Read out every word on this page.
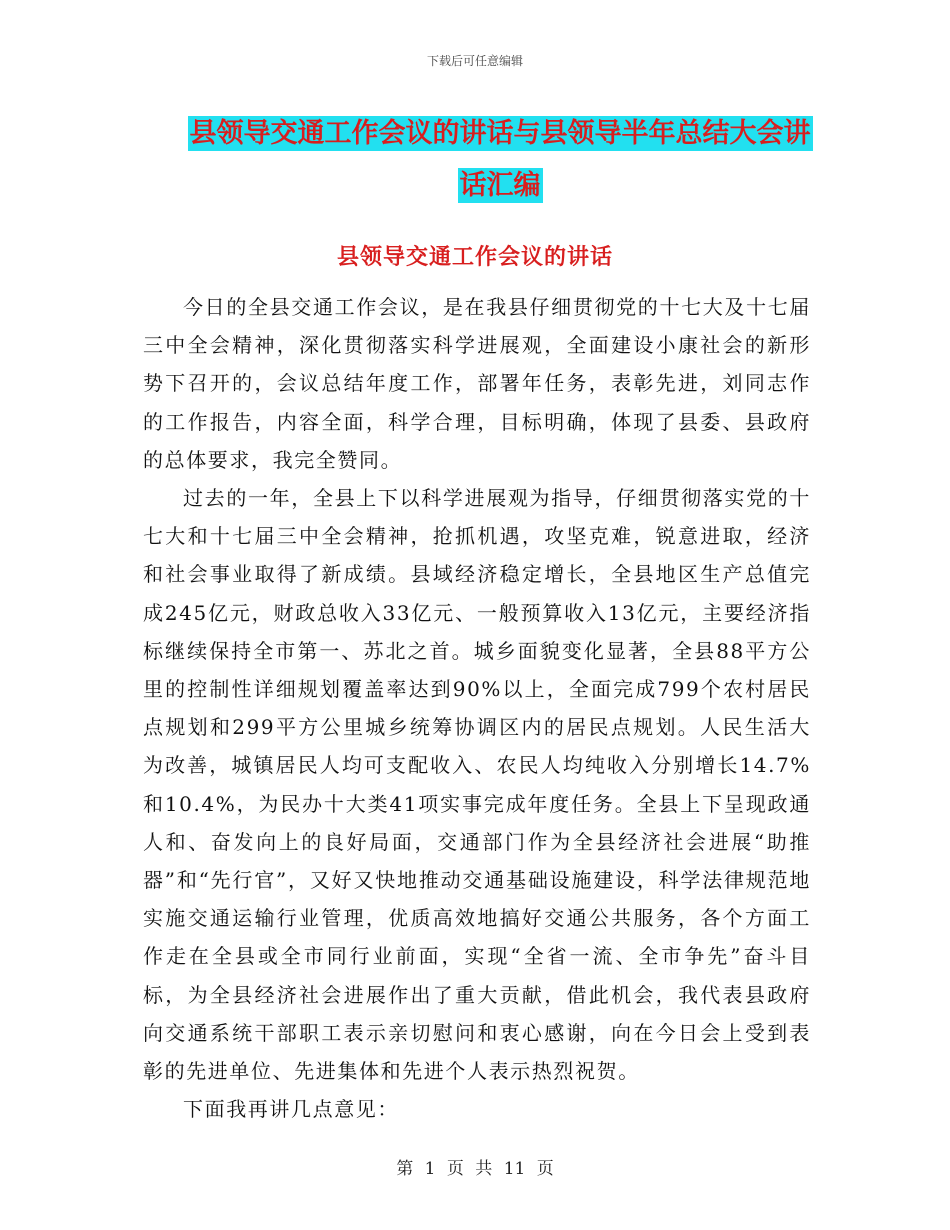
下载后可任意编辑
县领导交通工作会议的讲话与县领导半年总结大会讲
话汇编
县领导交通工作会议的讲话

今日的全县交通工作会议，是在我县仔细贯彻党的十七大及十七届三中全会精神，深化贯彻落实科学进展观，全面建设小康社会的新形势下召开的，会议总结年度工作，部署年任务，表彰先进，刘同志作的工作报告，内容全面，科学合理，目标明确，体现了县委、县政府的总体要求，我完全赞同。

过去的一年，全县上下以科学进展观为指导，仔细贯彻落实党的十七大和十七届三中全会精神，抢抓机遇，攻坚克难，锐意进取，经济和社会事业取得了新成绩。县域经济稳定增长，全县地区生产总值完成245亿元，财政总收入33亿元、一般预算收入13亿元，主要经济指标继续保持全市第一、苏北之首。城乡面貌变化显著，全县88平方公里的控制性详细规划覆盖率达到90%以上，全面完成799个农村居民点规划和299平方公里城乡统筹协调区内的居民点规划。人民生活大为改善，城镇居民人均可支配收入、农民人均纯收入分别增长14.7%和10.4%，为民办十大类41项实事完成年度任务。全县上下呈现政通人和、奋发向上的良好局面，交通部门作为全县经济社会进展“助推器”和“先行官”，又好又快地推动交通基础设施建设，科学法律规范地实施交通运输行业管理，优质高效地搞好交通公共服务，各个方面工作走在全县或全市同行业前面，实现“全省一流、全市争先”奋斗目标，为全县经济社会进展作出了重大贡献，借此机会，我代表县政府向交通系统干部职工表示亲切慰问和衷心感谢，向在今日会上受到表彰的先进单位、先进集体和先进个人表示热烈祝贺。

下面我再讲几点意见：

第 1 页 共 11 页
